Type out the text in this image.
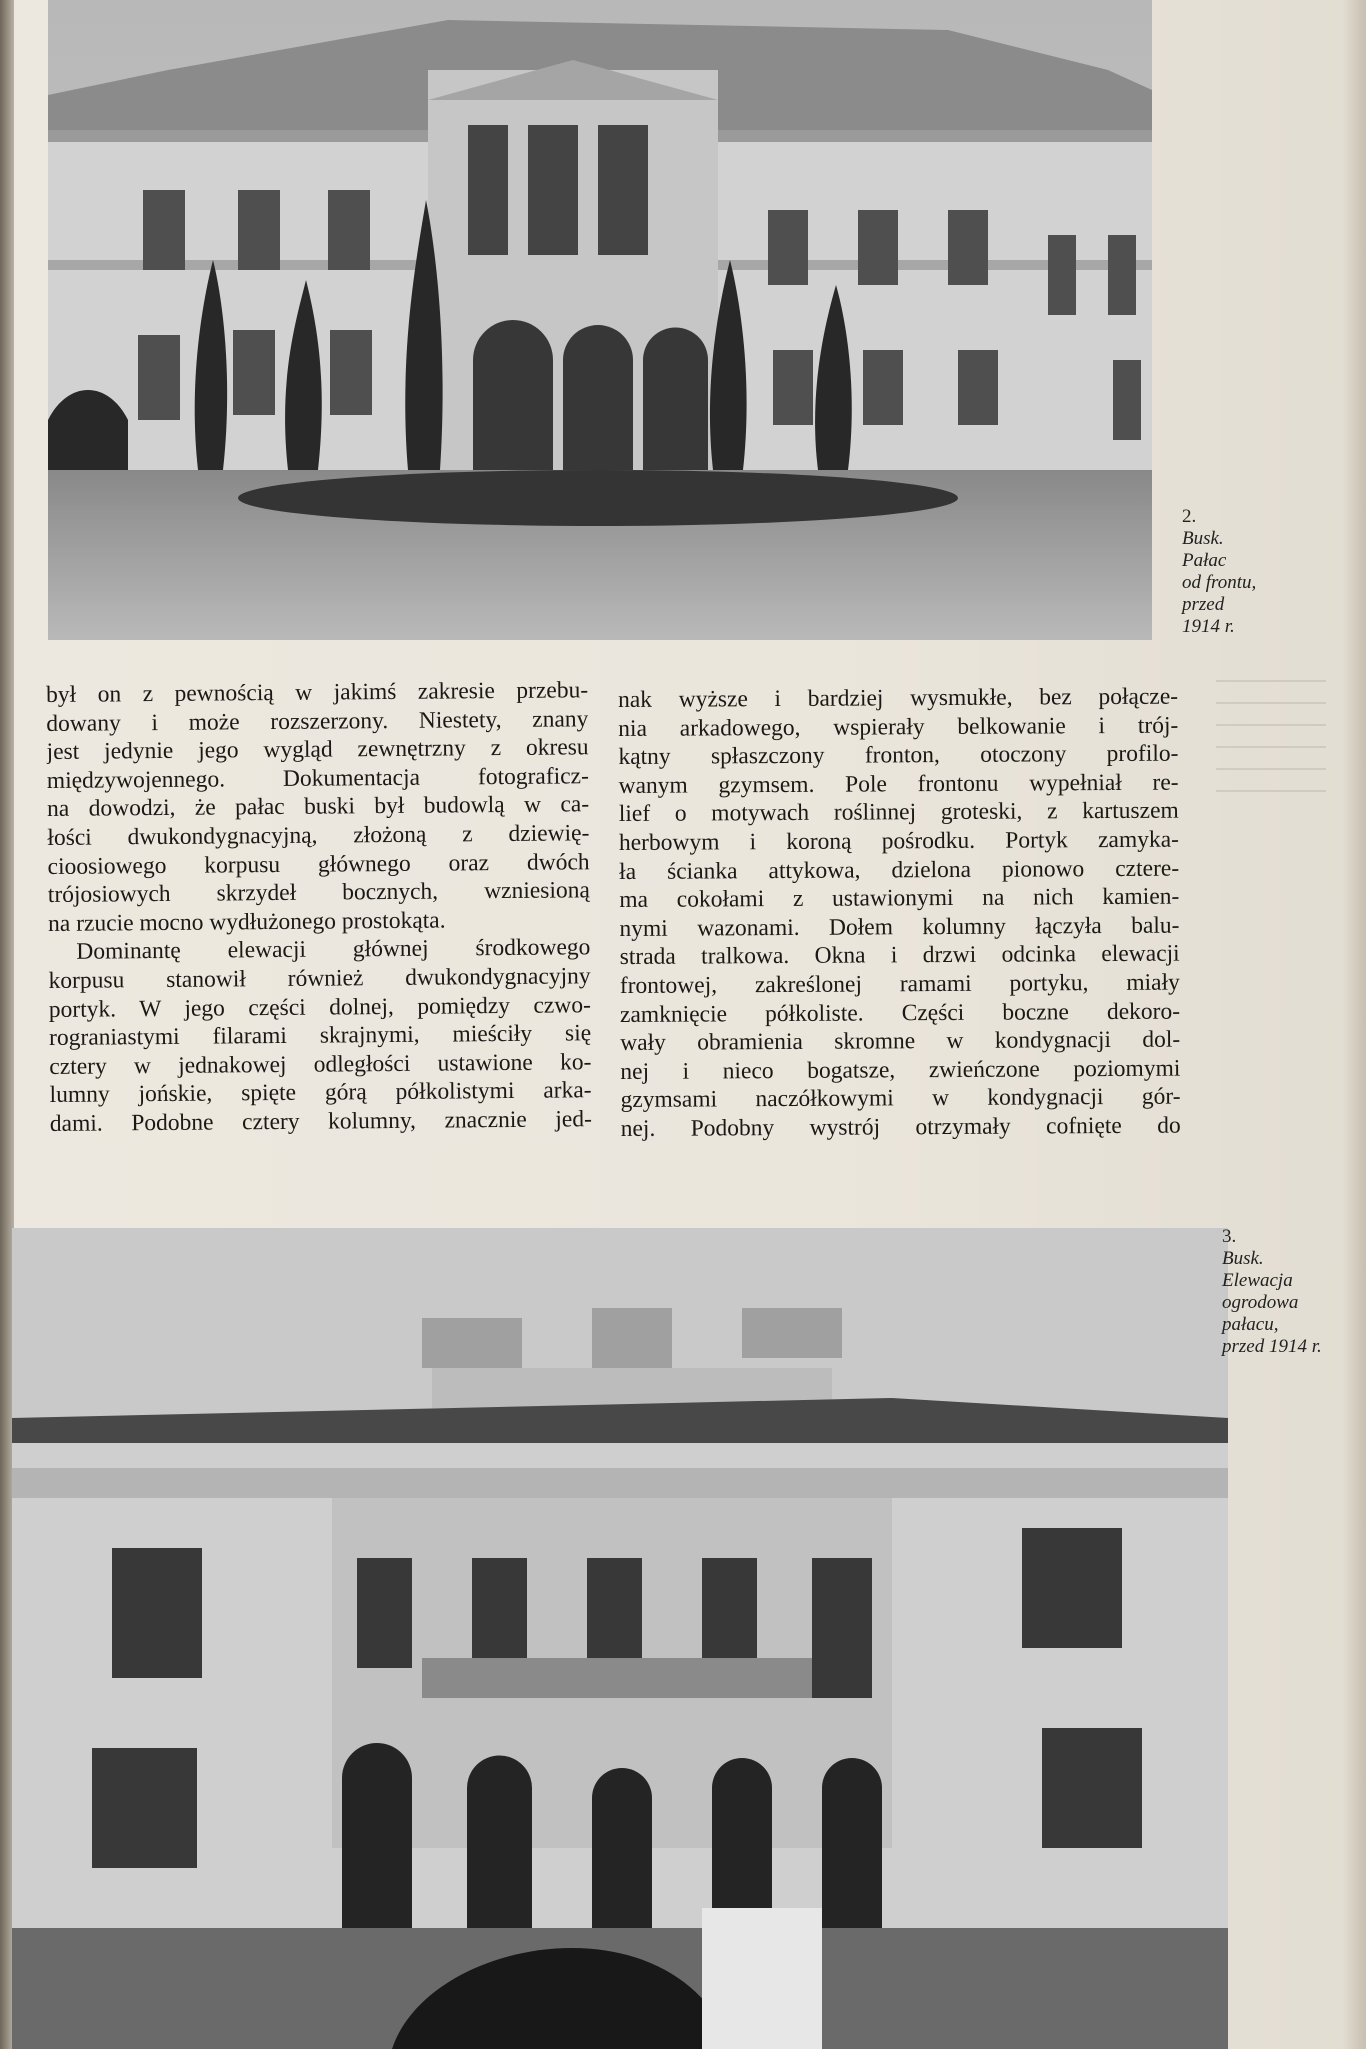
2.
Busk.
Pałac
od frontu,
przed
1914 r.
był on z pewnością w jakimś zakresie przebu-
dowany i może rozszerzony. Niestety, znany
jest jedynie jego wygląd zewnętrzny z okresu
międzywojennego. Dokumentacja fotograficz-
na dowodzi, że pałac buski był budowlą w ca-
łości dwukondygnacyjną, złożoną z dziewię-
cioosiowego korpusu głównego oraz dwóch
trójosiowych skrzydeł bocznych, wzniesioną
na rzucie mocno wydłużonego prostokąta.
Dominantę elewacji głównej środkowego
korpusu stanowił również dwukondygnacyjny
portyk. W jego części dolnej, pomiędzy czwo-
rograniastymi filarami skrajnymi, mieściły się
cztery w jednakowej odległości ustawione ko-
lumny jońskie, spięte górą półkolistymi arka-
dami. Podobne cztery kolumny, znacznie jed-
nak wyższe i bardziej wysmukłe, bez połącze-
nia arkadowego, wspierały belkowanie i trój-
kątny spłaszczony fronton, otoczony profilo-
wanym gzymsem. Pole frontonu wypełniał re-
lief o motywach roślinnej groteski, z kartuszem
herbowym i koroną pośrodku. Portyk zamyka-
ła ścianka attykowa, dzielona pionowo czterе-
ma cokołami z ustawionymi na nich kamien-
nymi wazonami. Dołem kolumny łączyła balu-
strada tralkowa. Okna i drzwi odcinka elewacji
frontowej, zakreślonej ramami portyku, miały
zamknięcie półkoliste. Części boczne dekoro-
wały obramienia skromne w kondygnacji dol-
nej i nieco bogatsze, zwieńczone poziomymi
gzymsami naczółkowymi w kondygnacji gór-
nej. Podobny wystrój otrzymały cofnięte do
3.
Busk.
Elewacja
ogrodowa
pałacu,
przed 1914 r.
